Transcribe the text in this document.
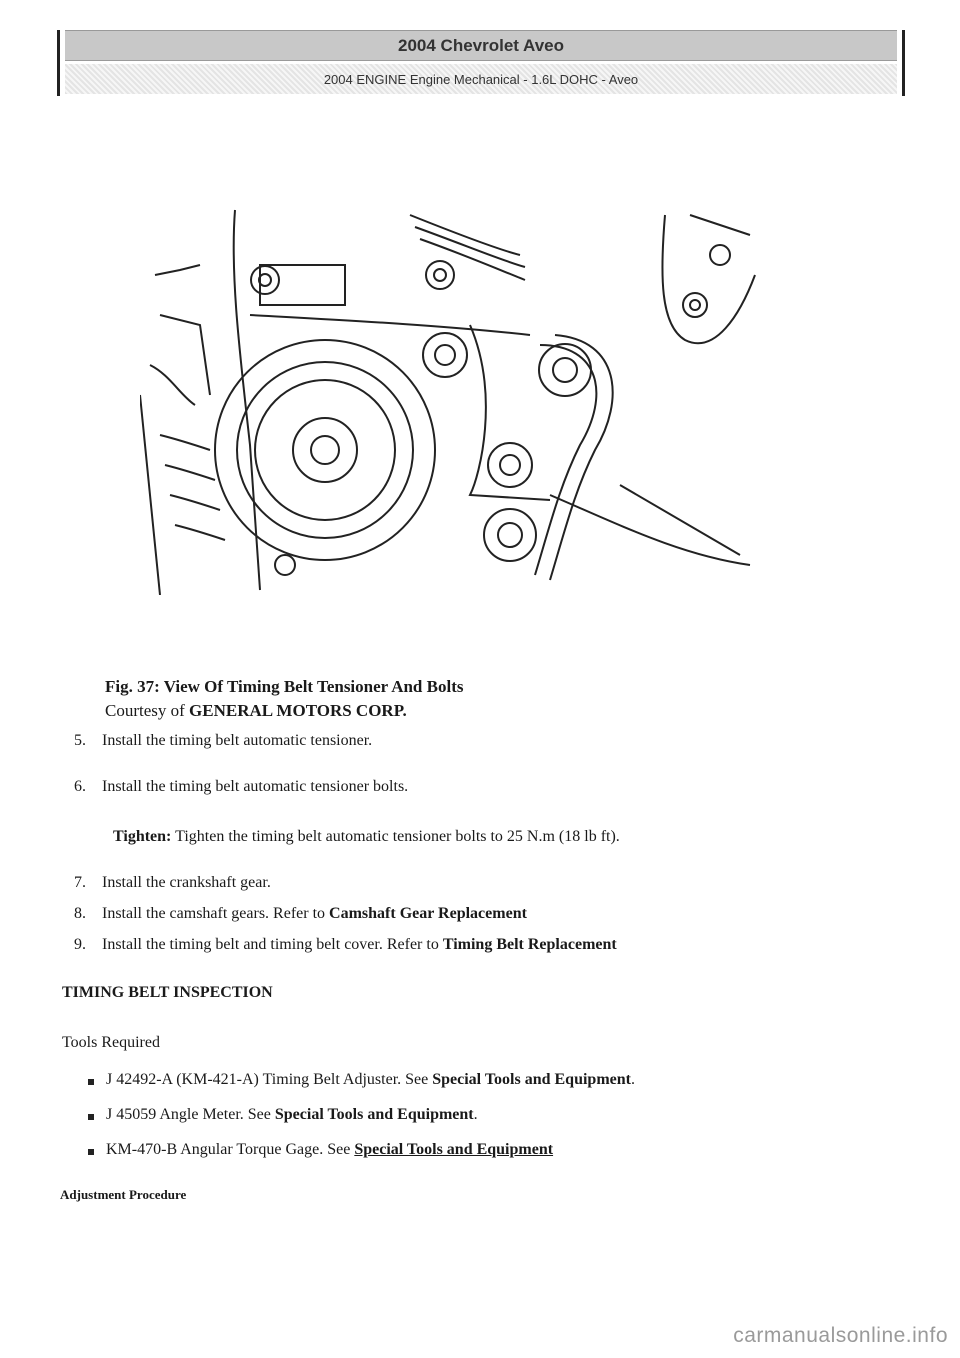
2004 Chevrolet Aveo
2004 ENGINE Engine Mechanical - 1.6L DOHC - Aveo
Fig. 37: View Of Timing Belt Tensioner And Bolts
Courtesy of GENERAL MOTORS CORP.
5. Install the timing belt automatic tensioner.
6. Install the timing belt automatic tensioner bolts.
7. Install the crankshaft gear.
8. Install the camshaft gears. Refer to Camshaft Gear Replacement
9. Install the timing belt and timing belt cover. Refer to Timing Belt Replacement
Tighten: Tighten the timing belt automatic tensioner bolts to 25 N.m (18 lb ft).
TIMING BELT INSPECTION
Tools Required
J 42492-A (KM-421-A) Timing Belt Adjuster. See Special Tools and Equipment.
J 45059 Angle Meter. See Special Tools and Equipment.
KM-470-B Angular Torque Gage. See Special Tools and Equipment
Adjustment Procedure
carmanualsonline.info
